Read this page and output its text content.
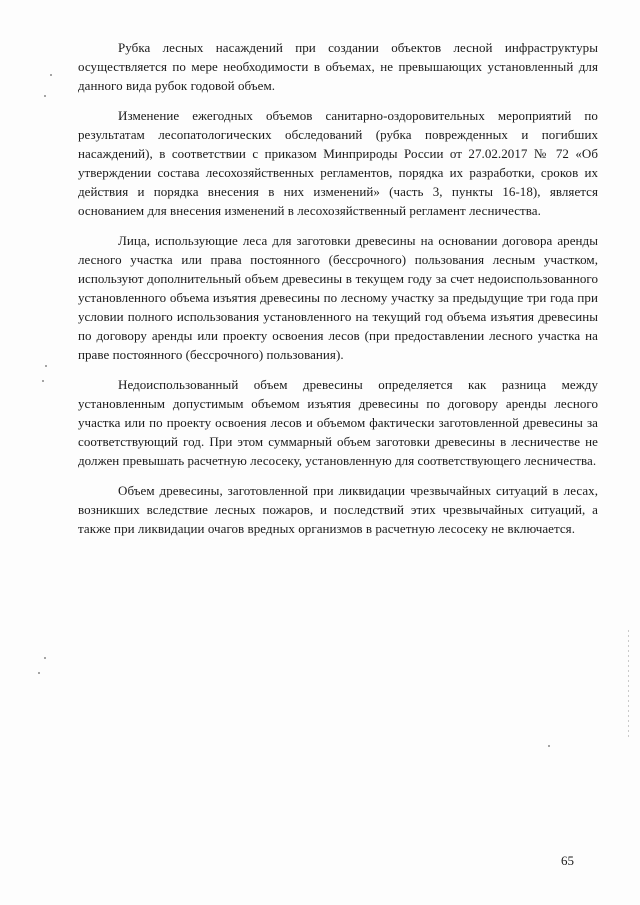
Рубка лесных насаждений при создании объектов лесной инфраструктуры осуществляется по мере необходимости в объемах, не превышающих установленный для данного вида рубок годовой объем.

Изменение ежегодных объемов санитарно-оздоровительных мероприятий по результатам лесопатологических обследований (рубка поврежденных и погибших насаждений), в соответствии с приказом Минприроды России от 27.02.2017 № 72 «Об утверждении состава лесохозяйственных регламентов, порядка их разработки, сроков их действия и порядка внесения в них изменений» (часть 3, пункты 16-18), является основанием для внесения изменений в лесохозяйственный регламент лесничества.

Лица, использующие леса для заготовки древесины на основании договора аренды лесного участка или права постоянного (бессрочного) пользования лесным участком, используют дополнительный объем древесины в текущем году за счет недоиспользованного установленного объема изъятия древесины по лесному участку за предыдущие три года при условии полного использования установленного на текущий год объема изъятия древесины по договору аренды или проекту освоения лесов (при предоставлении лесного участка на праве постоянного (бессрочного) пользования).

Недоиспользованный объем древесины определяется как разница между установленным допустимым объемом изъятия древесины по договору аренды лесного участка или по проекту освоения лесов и объемом фактически заготовленной древесины за соответствующий год. При этом суммарный объем заготовки древесины в лесничестве не должен превышать расчетную лесосеку, установленную для соответствующего лесничества.

Объем древесины, заготовленной при ликвидации чрезвычайных ситуаций в лесах, возникших вследствие лесных пожаров, и последствий этих чрезвычайных ситуаций, а также при ликвидации очагов вредных организмов в расчетную лесосеку не включается.

65
